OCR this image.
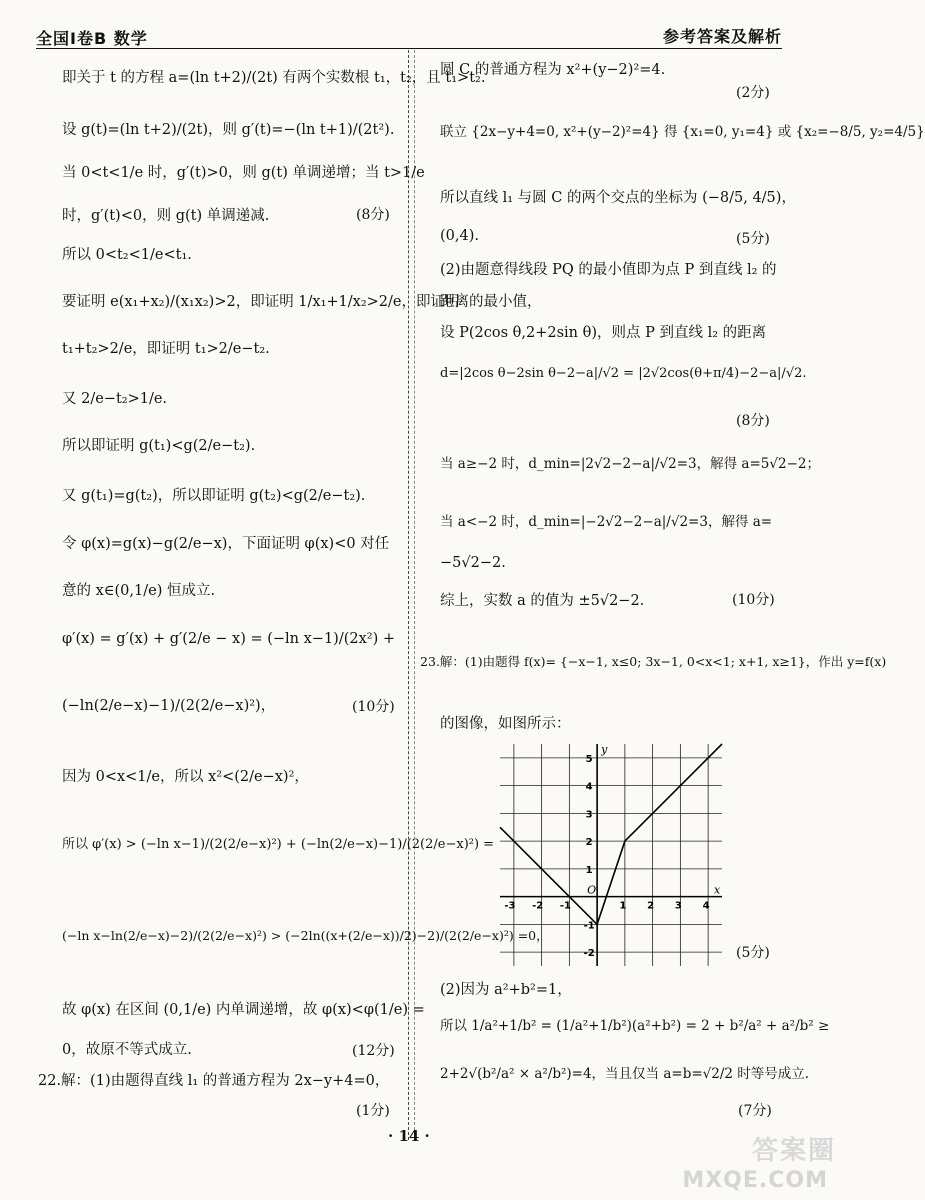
全国Ⅰ卷B 数学	参考答案及解析
即关于 t 的方程 a=(ln t+2)/(2t) 有两个实数根 t₁，t₂，且 t₁>t₂.
设 g(t)=(ln t+2)/(2t)，则 g′(t)=−(ln t+1)/(2t²).
当 0<t<1/e 时，g′(t)>0，则 g(t) 单调递增；当 t>1/e
时，g′(t)<0，则 g(t) 单调递减.	(8分)
所以 0<t₂<1/e<t₁.
要证明 e(x₁+x₂)/(x₁x₂)>2，即证明 1/x₁+1/x₂>2/e，即证明
t₁+t₂>2/e，即证明 t₁>2/e−t₂.
又 2/e−t₂>1/e.
所以即证明 g(t₁)<g(2/e−t₂).
又 g(t₁)=g(t₂)，所以即证明 g(t₂)<g(2/e−t₂).
令 φ(x)=g(x)−g(2/e−x)，下面证明 φ(x)<0 对任
意的 x∈(0,1/e) 恒成立.
φ′(x) = g′(x) + g′(2/e − x) = (−ln x−1)/(2x²) +
(−ln(2/e−x)−1)/(2(2/e−x)²)，	(10分)
因为 0<x<1/e，所以 x²<(2/e−x)²，
所以 φ′(x) > (−ln x−1)/(2(2/e−x)²) + (−ln(2/e−x)−1)/(2(2/e−x)²) =
(−ln x−ln(2/e−x)−2)/(2(2/e−x)²) > (−2ln((x+(2/e−x))/2)−2)/(2(2/e−x)²) =0，
故 φ(x) 在区间 (0,1/e) 内单调递增，故 φ(x)<φ(1/e) =
0，故原不等式成立.	(12分)
22.解：(1)由题得直线 l₁ 的普通方程为 2x−y+4=0，
(1分)
圆 C 的普通方程为 x²+(y−2)²=4.
(2分)
联立 {2x−y+4=0, x²+(y−2)²=4} 得 {x₁=0, y₁=4} 或 {x₂=−8/5, y₂=4/5}
所以直线 l₁ 与圆 C 的两个交点的坐标为 (−8/5, 4/5)，
(0,4).	(5分)
(2)由题意得线段 PQ 的最小值即为点 P 到直线 l₂ 的
距离的最小值，
设 P(2cos θ,2+2sin θ)，则点 P 到直线 l₂ 的距离
d=|2cos θ−2sin θ−2−a|/√2 = |2√2cos(θ+π/4)−2−a|/√2.
(8分)
当 a≥−2 时，d_min=|2√2−2−a|/√2=3，解得 a=5√2−2；
当 a<−2 时，d_min=|−2√2−2−a|/√2=3，解得 a=
−5√2−2.
综上，实数 a 的值为 ±5√2−2.	(10分)
23.解：(1)由题得 f(x)= {−x−1, x≤0; 3x−1, 0<x<1; x+1, x≥1}，作出 y=f(x)
的图像，如图所示：
(5分)
(2)因为 a²+b²=1，
所以 1/a²+1/b² = (1/a²+1/b²)(a²+b²) = 2 + b²/a² + a²/b² ≥
2+2√(b²/a² × a²/b²)=4，当且仅当 a=b=√2/2 时等号成立.
(7分)
-3 -2 -1	1 2 3 4
-2
-1
1
2
3
4
5
x
y
O
· 14 ·	答案圈
MXQE.COM
